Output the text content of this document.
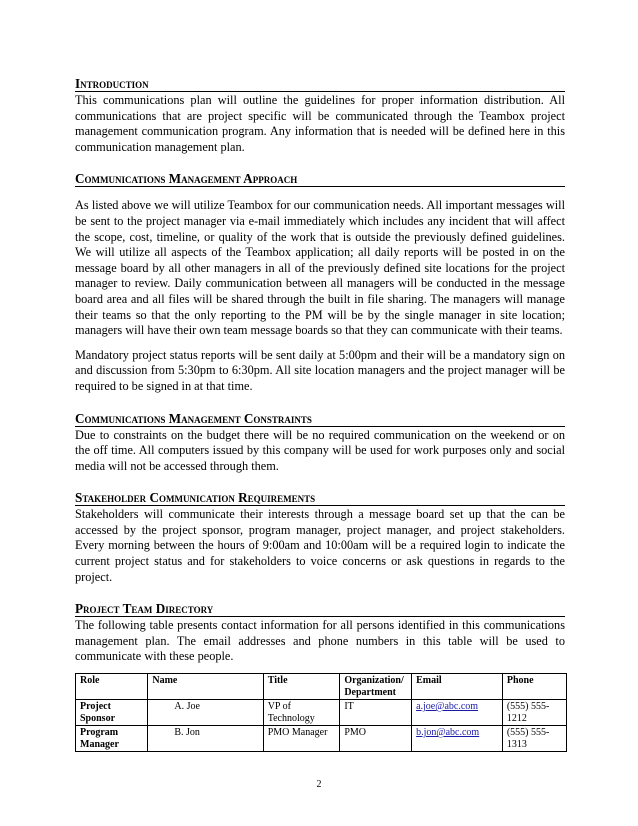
Introduction

This communications plan will outline the guidelines for proper information distribution. All communications that are project specific will be communicated through the Teambox project management communication program. Any information that is needed will be defined here in this communication management plan.

Communications Management Approach

As listed above we will utilize Teambox for our communication needs. All important messages will be sent to the project manager via e-mail immediately which includes any incident that will affect the scope, cost, timeline, or quality of the work that is outside the previously defined guidelines. We will utilize all aspects of the Teambox application; all daily reports will be posted in on the message board by all other managers in all of the previously defined site locations for the project manager to review. Daily communication between all managers will be conducted in the message board area and all files will be shared through the built in file sharing. The managers will manage their teams so that the only reporting to the PM will be by the single manager in site location; managers will have their own team message boards so that they can communicate with their teams.

Mandatory project status reports will be sent daily at 5:00pm and their will be a mandatory sign on and discussion from 5:30pm to 6:30pm. All site location managers and the project manager will be required to be signed in at that time.

Communications Management Constraints

Due to constraints on the budget there will be no required communication on the weekend or on the off time. All computers issued by this company will be used for work purposes only and social media will not be accessed through them.

Stakeholder Communication Requirements

Stakeholders will communicate their interests through a message board set up that the can be accessed by the project sponsor, program manager, project manager, and project stakeholders. Every morning between the hours of 9:00am and 10:00am will be a required login to indicate the current project status and for stakeholders to voice concerns or ask questions in regards to the project.

Project Team Directory

The following table presents contact information for all persons identified in this communications management plan. The email addresses and phone numbers in this table will be used to communicate with these people.

Role	Name	Title	Organization/ Department	Email	Phone
Project Sponsor	A. Joe	VP of Technology	IT	a.joe@abc.com	(555) 555-1212
Program Manager	B. Jon	PMO Manager	PMO	b.jon@abc.com	(555) 555-1313
2
